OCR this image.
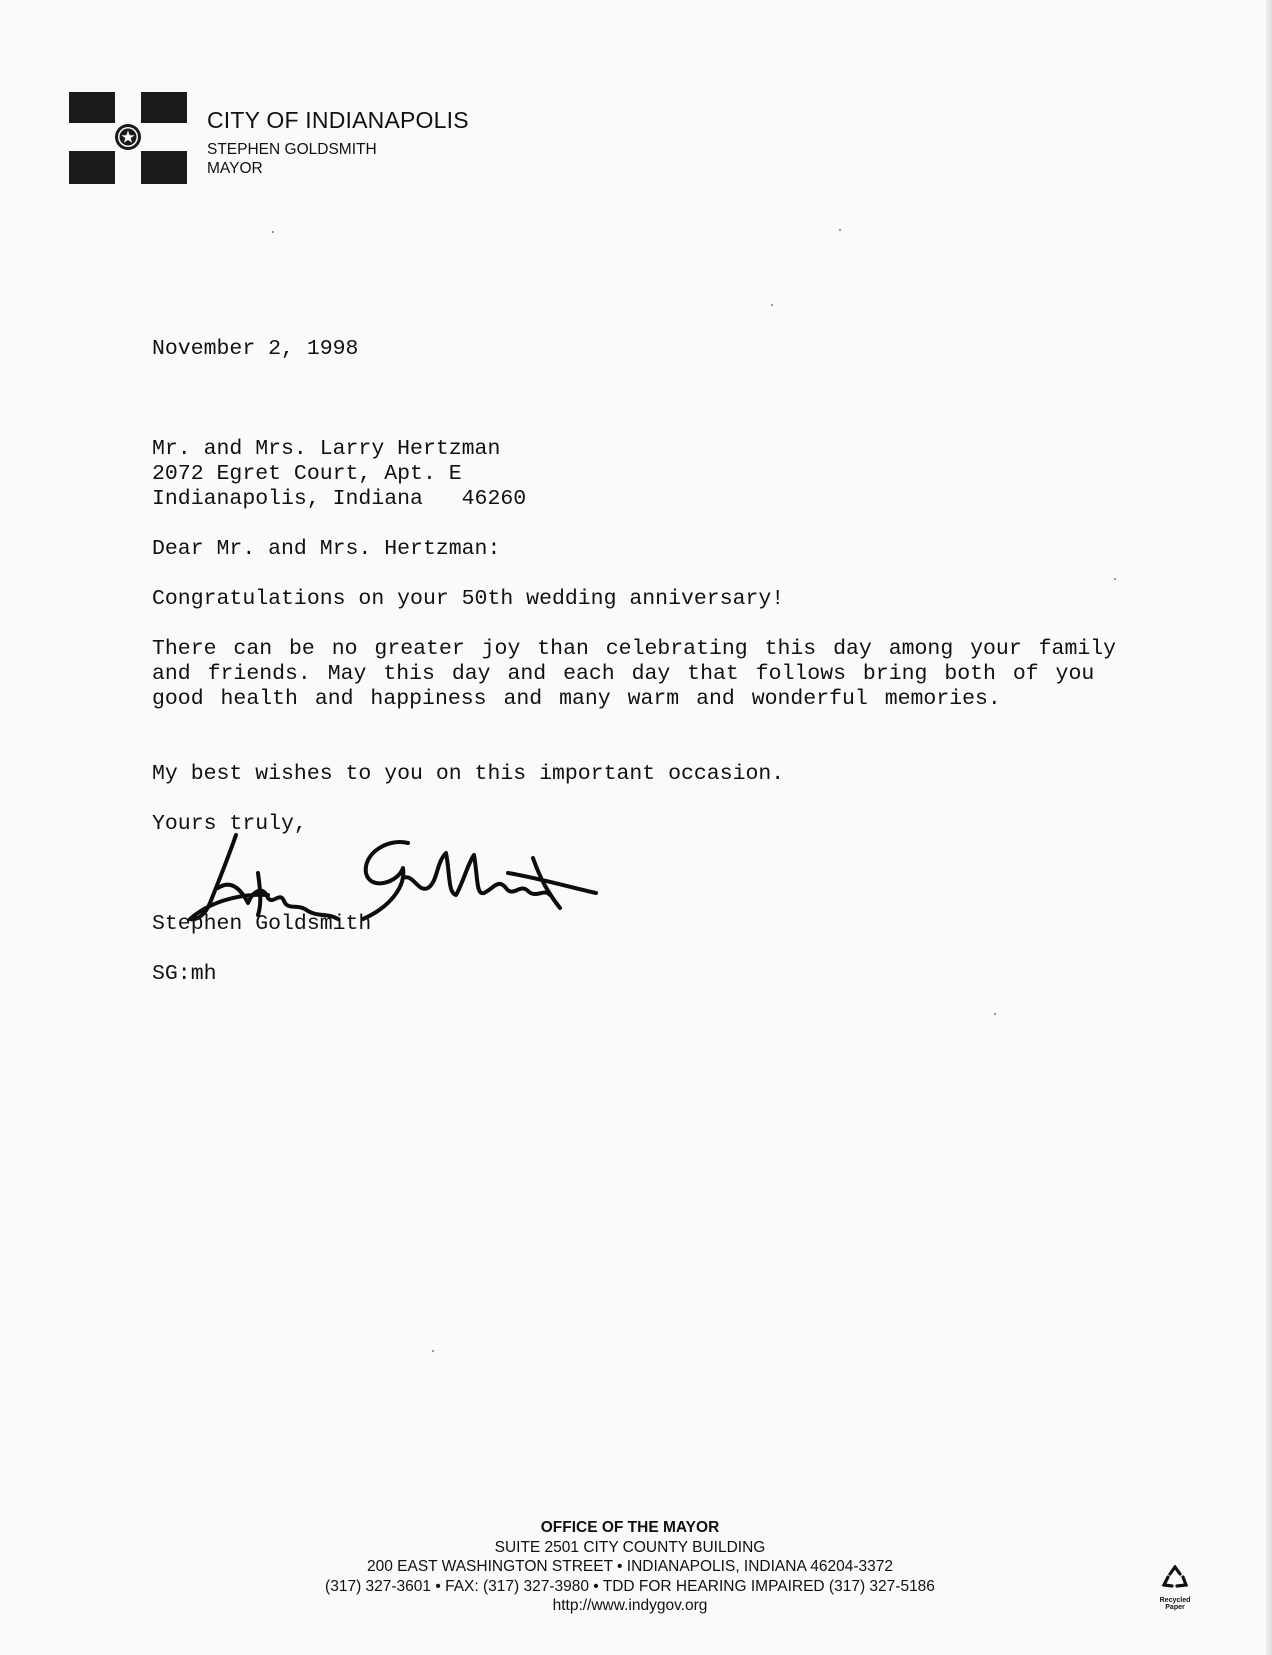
CITY OF INDIANAPOLIS
STEPHEN GOLDSMITH
MAYOR
November 2, 1998
Mr. and Mrs. Larry Hertzman
2072 Egret Court, Apt. E
Indianapolis, Indiana   46260
Dear Mr. and Mrs. Hertzman:
Congratulations on your 50th wedding anniversary!
There can be no greater joy than celebrating this day among your family and friends. May this day and each day that follows bring both of you good health and happiness and many warm and wonderful memories.
My best wishes to you on this important occasion.
Yours truly,
Stephen Goldsmith
SG:mh
OFFICE OF THE MAYOR
SUITE 2501 CITY COUNTY BUILDING
200 EAST WASHINGTON STREET • INDIANAPOLIS, INDIANA 46204-3372
(317) 327-3601 • FAX: (317) 327-3980 • TDD FOR HEARING IMPAIRED (317) 327-5186
http://www.indygov.org	Recycled Paper
